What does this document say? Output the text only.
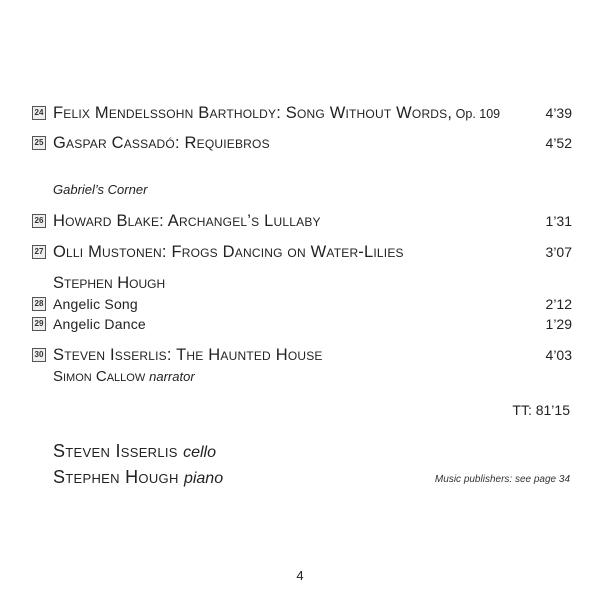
24 Felix Mendelssohn Bartholdy: Song Without Words, Op. 109	4’39
25 Gaspar Cassadó: Requiebros	4’52
Gabriel’s Corner
26 Howard Blake: Archangel’s Lullaby	1’31
27 Olli Mustonen: Frogs Dancing on Water-Lilies	3’07
Stephen Hough
28 Angelic Song	2’12
29 Angelic Dance	1’29
30 Steven Isserlis: The Haunted House	4’03
Simon Callow narrator
TT: 81’15
Steven Isserlis cello
Stephen Hough piano	Music publishers: see page 34
4
